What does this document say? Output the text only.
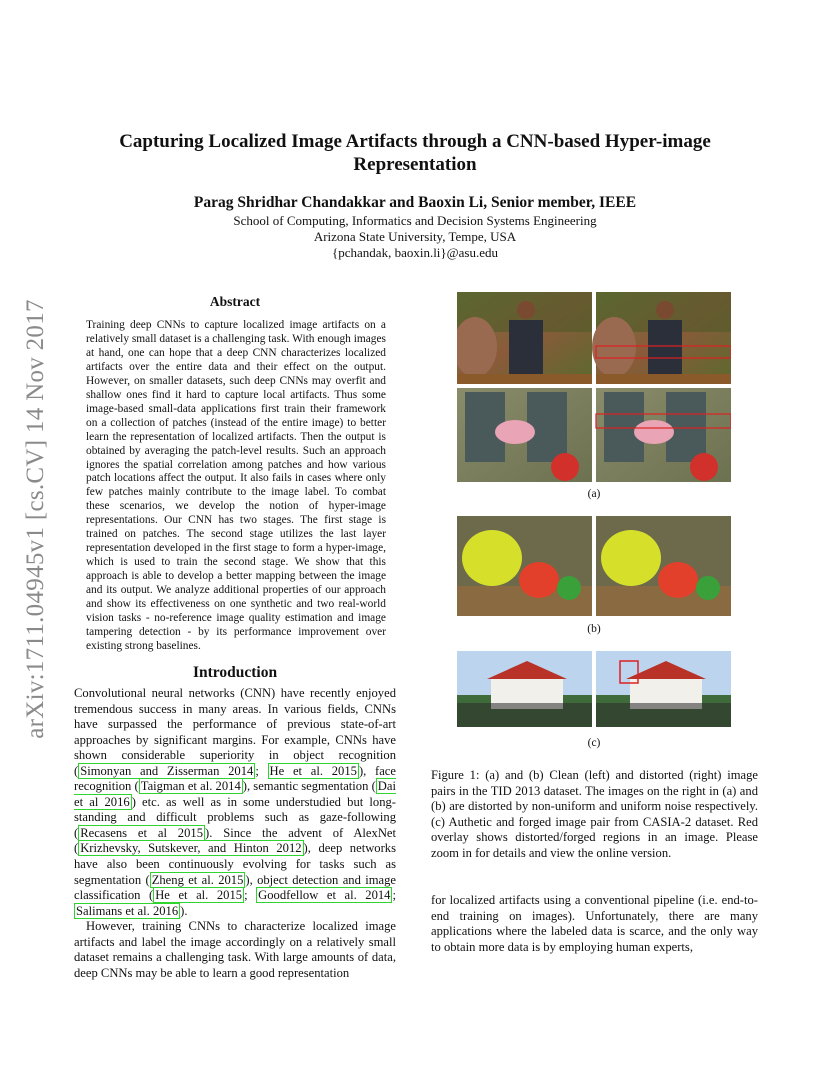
arXiv:1711.04945v1 [cs.CV] 14 Nov 2017
Capturing Localized Image Artifacts through a CNN-based Hyper-image Representation
Parag Shridhar Chandakkar and Baoxin Li, Senior member, IEEE
School of Computing, Informatics and Decision Systems Engineering
Arizona State University, Tempe, USA
{pchandak, baoxin.li}@asu.edu
Abstract
Training deep CNNs to capture localized image artifacts on a relatively small dataset is a challenging task. With enough images at hand, one can hope that a deep CNN characterizes localized artifacts over the entire data and their effect on the output. However, on smaller datasets, such deep CNNs may overfit and shallow ones find it hard to capture local artifacts. Thus some image-based small-data applications first train their framework on a collection of patches (instead of the entire image) to better learn the representation of localized artifacts. Then the output is obtained by averaging the patch-level results. Such an approach ignores the spatial correlation among patches and how various patch locations affect the output. It also fails in cases where only few patches mainly contribute to the image label. To combat these scenarios, we develop the notion of hyper-image representations. Our CNN has two stages. The first stage is trained on patches. The second stage utilizes the last layer representation developed in the first stage to form a hyper-image, which is used to train the second stage. We show that this approach is able to develop a better mapping between the image and its output. We analyze additional properties of our approach and show its effectiveness on one synthetic and two real-world vision tasks - no-reference image quality estimation and image tampering detection - by its performance improvement over existing strong baselines.
Introduction

Convolutional neural networks (CNN) have recently enjoyed tremendous success in many areas. In various fields, CNNs have surpassed the performance of previous state-of-art approaches by significant margins. For example, CNNs have shown considerable superiority in object recognition ( Simonyan and Zisserman 2014 ; He et al. 2015 ), face recognition ( Taigman et al. 2014 ), semantic segmentation ( Dai et al 2016 ) etc. as well as in some understudied but long-standing and difficult problems such as gaze-following ( Recasens et al 2015 ). Since the advent of AlexNet ( Krizhevsky, Sutskever, and Hinton 2012 ), deep networks have also been continuously evolving for tasks such as segmentation ( Zheng et al. 2015 ), object detection and image classification ( He et al. 2015 ; Goodfellow et al. 2014 ; Salimans et al. 2016 ).

However, training CNNs to characterize localized image artifacts and label the image accordingly on a relatively small dataset remains a challenging task. With large amounts of data, deep CNNs may be able to learn a good representation

(a)
(b)
(c)
Figure 1: (a) and (b) Clean (left) and distorted (right) image pairs in the TID 2013 dataset. The images on the right in (a) and (b) are distorted by non-uniform and uniform noise respectively. (c) Authetic and forged image pair from CASIA-2 dataset. Red overlay shows distorted/forged regions in an image. Please zoom in for details and view the online version.

for localized artifacts using a conventional pipeline (i.e. end-to-end training on images). Unfortunately, there are many applications where the labeled data is scarce, and the only way to obtain more data is by employing human experts,
